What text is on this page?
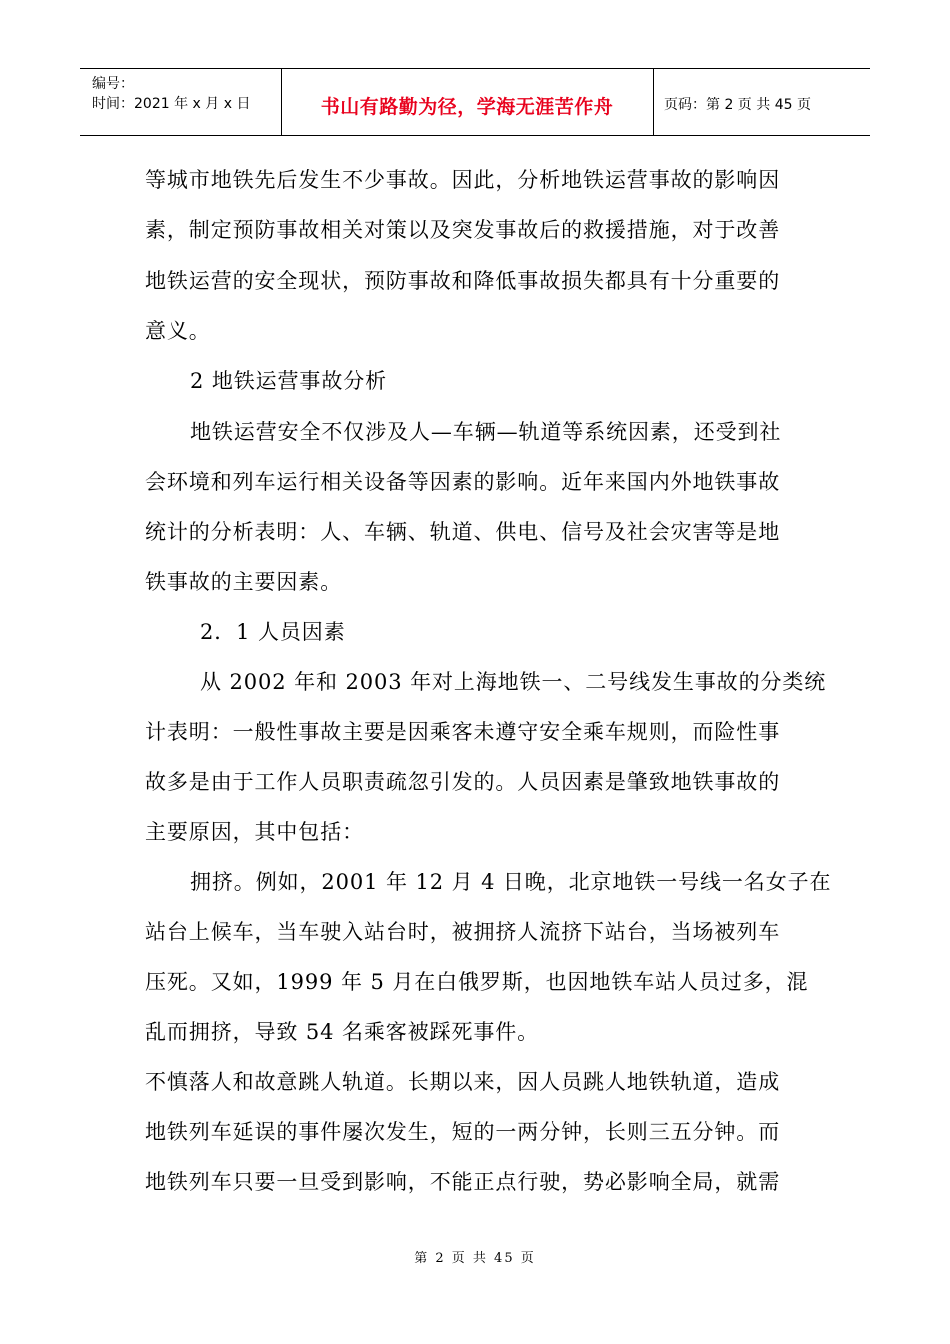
编号：
时间：2021 年 x 月 x 日	书山有路勤为径，学海无涯苦作舟	页码：第 2 页 共 45 页
等城市地铁先后发生不少事故。因此，分析地铁运营事故的影响因
素，制定预防事故相关对策以及突发事故后的救援措施，对于改善
地铁运营的安全现状，预防事故和降低事故损失都具有十分重要的
意义。
2 地铁运营事故分析
地铁运营安全不仅涉及人—车辆—轨道等系统因素，还受到社
会环境和列车运行相关设备等因素的影响。近年来国内外地铁事故
统计的分析表明：人、车辆、轨道、供电、信号及社会灾害等是地
铁事故的主要因素。
2．1 人员因素
从 2002 年和 2003 年对上海地铁一、二号线发生事故的分类统
计表明：一般性事故主要是因乘客未遵守安全乘车规则，而险性事
故多是由于工作人员职责疏忽引发的。人员因素是肇致地铁事故的
主要原因，其中包括：
拥挤。例如，2001 年 12 月 4 日晚，北京地铁一号线一名女子在
站台上候车，当车驶入站台时，被拥挤人流挤下站台，当场被列车
压死。又如，1999 年 5 月在白俄罗斯，也因地铁车站人员过多，混
乱而拥挤，导致 54 名乘客被踩死事件。
不慎落人和故意跳人轨道。长期以来，因人员跳人地铁轨道，造成
地铁列车延误的事件屡次发生，短的一两分钟，长则三五分钟。而
地铁列车只要一旦受到影响，不能正点行驶，势必影响全局，就需
第 2 页 共 45 页
